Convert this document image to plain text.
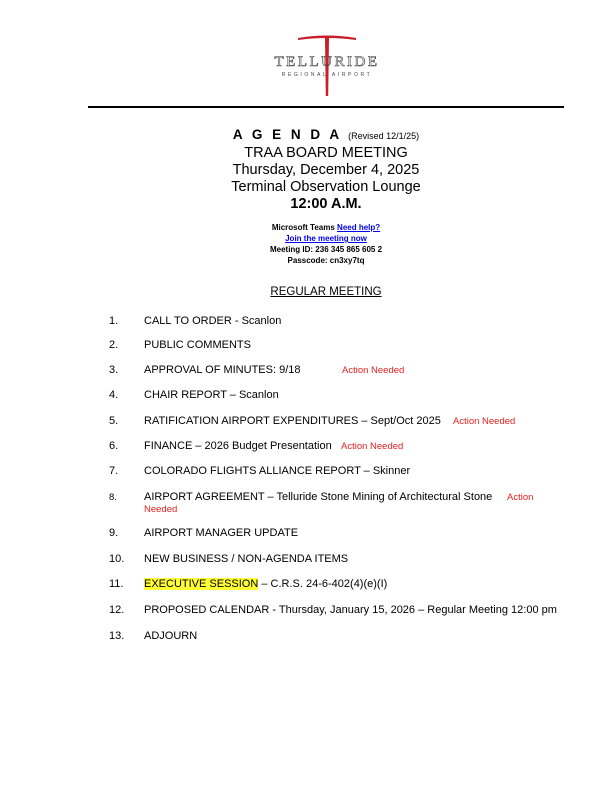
TELLURIDE
REGIONAL AIRPORT
A G E N D A (Revised 12/1/25)
TRAA BOARD MEETING
Thursday, December 4, 2025
Terminal Observation Lounge
12:00 A.M.
Microsoft Teams Need help?
Join the meeting now
Meeting ID: 236 345 865 605 2
Passcode: cn3xy7tq
REGULAR MEETING
1. CALL TO ORDER - Scanlon
2. PUBLIC COMMENTS
3. APPROVAL OF MINUTES: 9/18	Action Needed
4. CHAIR REPORT – Scanlon
5. RATIFICATION AIRPORT EXPENDITURES – Sept/Oct 2025 Action Needed
6. FINANCE – 2026 Budget Presentation Action Needed
7. COLORADO FLIGHTS ALLIANCE REPORT – Skinner
8. AIRPORT AGREEMENT – Telluride Stone Mining of Architectural Stone Action
Needed
9. AIRPORT MANAGER UPDATE
10. NEW BUSINESS / NON-AGENDA ITEMS
11. EXECUTIVE SESSION – C.R.S. 24-6-402(4)(e)(I)
12. PROPOSED CALENDAR - Thursday, January 15, 2026 – Regular Meeting 12:00 pm
13. ADJOURN
